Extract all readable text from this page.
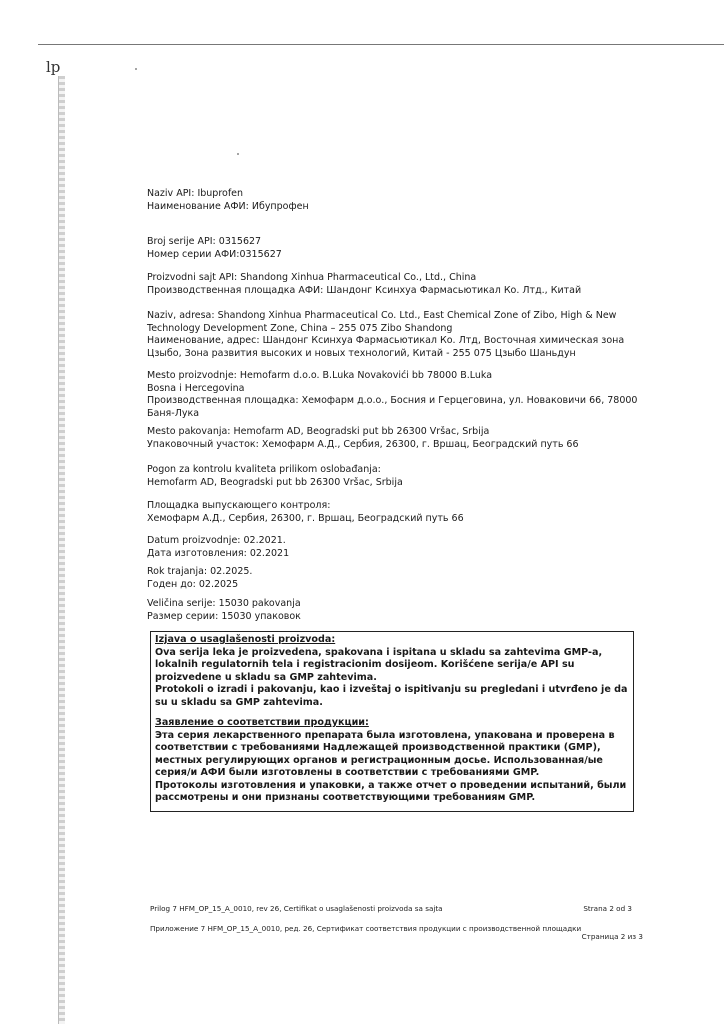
lp

Naziv API: Ibuprofen

Наименование АФИ: Ибупрофен

Broj serije API: 0315627

Номер серии АФИ:0315627

Proizvodni sajt API: Shandong Xinhua Pharmaceutical Co., Ltd., China

Производственная площадка АФИ: Шандонг Ксинхуа Фармасьютикал Ко. Лтд., Китай

Naziv, adresa: Shandong Xinhua Pharmaceutical Co. Ltd., East Chemical Zone of Zibo, High & New

Technology Development Zone, China – 255 075 Zibo Shandong

Наименование, адрес: Шандонг Ксинхуа Фармасьютикал Ко. Лтд, Восточная химическая зона

Цзыбо, Зона развития высоких и новых технологий, Китай - 255 075 Цзыбо Шаньдун

Mesto proizvodnje: Hemofarm d.o.o. B.Luka Novakovići bb 78000 B.Luka

Bosna i Hercegovina

Производственная площадка: Хемофарм д.о.о., Босния и Герцеговина, ул. Новаковичи 66, 78000

Баня-Лука

Mesto pakovanja: Hemofarm AD, Beogradski put bb 26300 Vršac, Srbija

Упаковочный участок: Хемофарм А.Д., Сербия, 26300, г. Вршац, Београдский путь 66

Pogon za kontrolu kvaliteta prilikom oslobađanja:

Hemofarm AD, Beogradski put bb 26300 Vršac, Srbija

Площадка выпускающего контроля:

Хемофарм А.Д., Сербия, 26300, г. Вршац, Београдский путь 66

Datum proizvodnje: 02.2021.

Дата изготовления: 02.2021

Rok trajanja: 02.2025.

Годен до: 02.2025

Veličina serije: 15030 pakovanja

Размер серии: 15030 упаковок

Izjava o usaglašenosti proizvoda:

Ova serija leka je proizvedena, spakovana i ispitana u skladu sa zahtevima GMP-a, lokalnih regulatornih tela i registracionim dosijeom. Korišćene serija/e API su proizvedene u skladu sa GMP zahtevima.

Protokoli o izradi i pakovanju, kao i izveštaj o ispitivanju su pregledani i utvrđeno je da su u skladu sa GMP zahtevima.

Заявление о соответствии продукции:

Эта серия лекарственного препарата была изготовлена, упакована и проверена в соответствии с требованиями Надлежащей производственной практики (GMP), местных регулирующих органов и регистрационным досье. Использованная/ые серия/и АФИ были изготовлены в соответствии с требованиями GMP.

Протоколы изготовления и упаковки, а также отчет о проведении испытаний, были рассмотрены и они признаны соответствующими требованиям GMP.

Prilog 7 HFM_OP_15_A_0010, rev 26, Certifikat o usaglašenosti proizvoda sa sajta	Strana 2 od 3
Приложение 7 HFM_OP_15_A_0010, ред. 26, Сертификат соответствия продукции с производственной площадки
Страница 2 из 3
